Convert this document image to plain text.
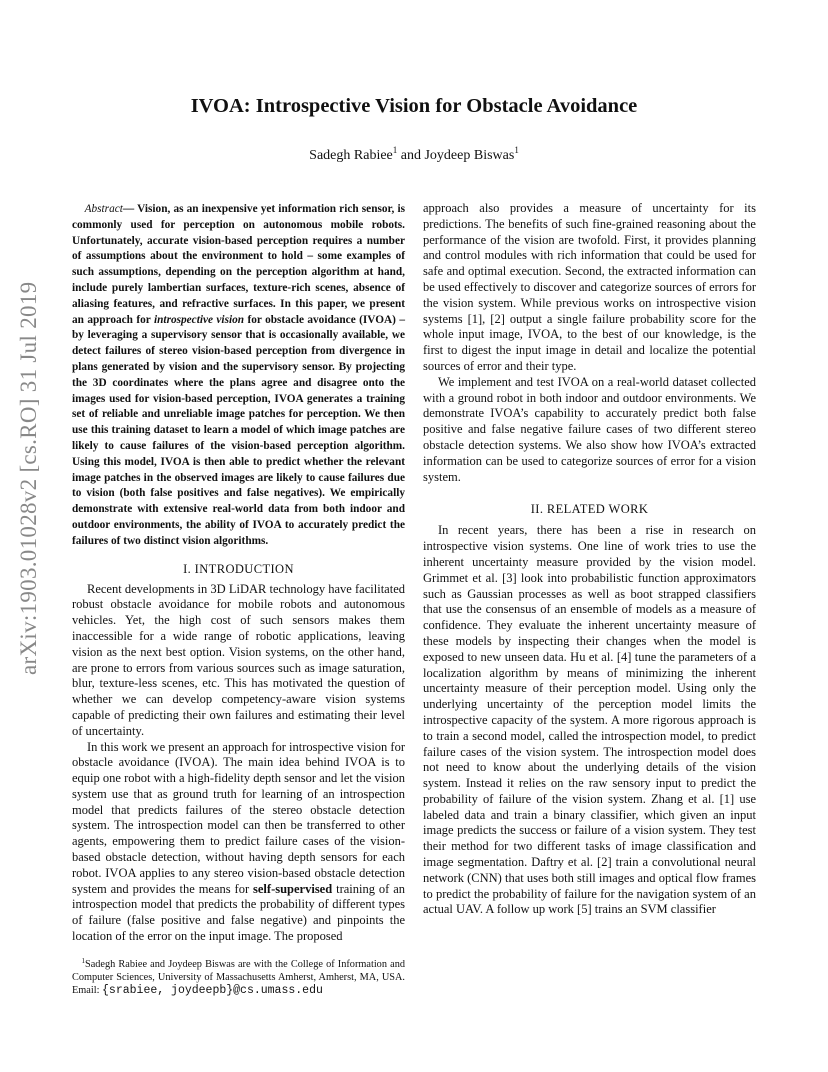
arXiv:1903.01028v2 [cs.RO] 31 Jul 2019
IVOA: Introspective Vision for Obstacle Avoidance
Sadegh Rabiee$^1$ and Joydeep Biswas$^1$

Abstract— Vision, as an inexpensive yet information rich sensor, is commonly used for perception on autonomous mobile robots. Unfortunately, accurate vision-based perception requires a number of assumptions about the environment to hold – some examples of such assumptions, depending on the perception algorithm at hand, include purely lambertian surfaces, texture-rich scenes, absence of aliasing features, and refractive surfaces. In this paper, we present an approach for introspective vision for obstacle avoidance (IVOA) – by leveraging a supervisory sensor that is occasionally available, we detect failures of stereo vision-based perception from divergence in plans generated by vision and the supervisory sensor. By projecting the 3D coordinates where the plans agree and disagree onto the images used for vision-based perception, IVOA generates a training set of reliable and unreliable image patches for perception. We then use this training dataset to learn a model of which image patches are likely to cause failures of the vision-based perception algorithm. Using this model, IVOA is then able to predict whether the relevant image patches in the observed images are likely to cause failures due to vision (both false positives and false negatives). We empirically demonstrate with extensive real-world data from both indoor and outdoor environments, the ability of IVOA to accurately predict the failures of two distinct vision algorithms.

I. INTRODUCTION

Recent developments in 3D LiDAR technology have facilitated robust obstacle avoidance for mobile robots and autonomous vehicles. Yet, the high cost of such sensors makes them inaccessible for a wide range of robotic applications, leaving vision as the next best option. Vision systems, on the other hand, are prone to errors from various sources such as image saturation, blur, texture-less scenes, etc. This has motivated the question of whether we can develop competency-aware vision systems capable of predicting their own failures and estimating their level of uncertainty.

In this work we present an approach for introspective vision for obstacle avoidance (IVOA). The main idea behind IVOA is to equip one robot with a high-fidelity depth sensor and let the vision system use that as ground truth for learning of an introspection model that predicts failures of the stereo obstacle detection system. The introspection model can then be transferred to other agents, empowering them to predict failure cases of the vision-based obstacle detection, without having depth sensors for each robot. IVOA applies to any stereo vision-based obstacle detection system and provides the means for self-supervised training of an introspection model that predicts the probability of different types of failure (false positive and false negative) and pinpoints the location of the error on the input image. The proposed

approach also provides a measure of uncertainty for its predictions. The benefits of such fine-grained reasoning about the performance of the vision are twofold. First, it provides planning and control modules with rich information that could be used for safe and optimal execution. Second, the extracted information can be used effectively to discover and categorize sources of errors for the vision system. While previous works on introspective vision systems [1], [2] output a single failure probability score for the whole input image, IVOA, to the best of our knowledge, is the first to digest the input image in detail and localize the potential sources of error and their type.

We implement and test IVOA on a real-world dataset collected with a ground robot in both indoor and outdoor environments. We demonstrate IVOA’s capability to accurately predict both false positive and false negative failure cases of two different stereo obstacle detection systems. We also show how IVOA’s extracted information can be used to categorize sources of error for a vision system.

II. RELATED WORK

In recent years, there has been a rise in research on introspective vision systems. One line of work tries to use the inherent uncertainty measure provided by the vision model. Grimmet et al. [3] look into probabilistic function approximators such as Gaussian processes as well as boot strapped classifiers that use the consensus of an ensemble of models as a measure of confidence. They evaluate the inherent uncertainty measure of these models by inspecting their changes when the model is exposed to new unseen data. Hu et al. [4] tune the parameters of a localization algorithm by means of minimizing the inherent uncertainty measure of their perception model. Using only the underlying uncertainty of the perception model limits the introspective capacity of the system. A more rigorous approach is to train a second model, called the introspection model, to predict failure cases of the vision system. The introspection model does not need to know about the underlying details of the vision system. Instead it relies on the raw sensory input to predict the probability of failure of the vision system. Zhang et al. [1] use labeled data and train a binary classifier, which given an input image predicts the success or failure of a vision system. They test their method for two different tasks of image classification and image segmentation. Daftry et al. [2] train a convolutional neural network (CNN) that uses both still images and optical flow frames to predict the probability of failure for the navigation system of an actual UAV. A follow up work [5] trains an SVM classifier

$^1$Sadegh Rabiee and Joydeep Biswas are with the College of Information and Computer Sciences, University of Massachusetts Amherst, Amherst, MA, USA. Email: {srabiee, joydeepb}@cs.umass.edu
